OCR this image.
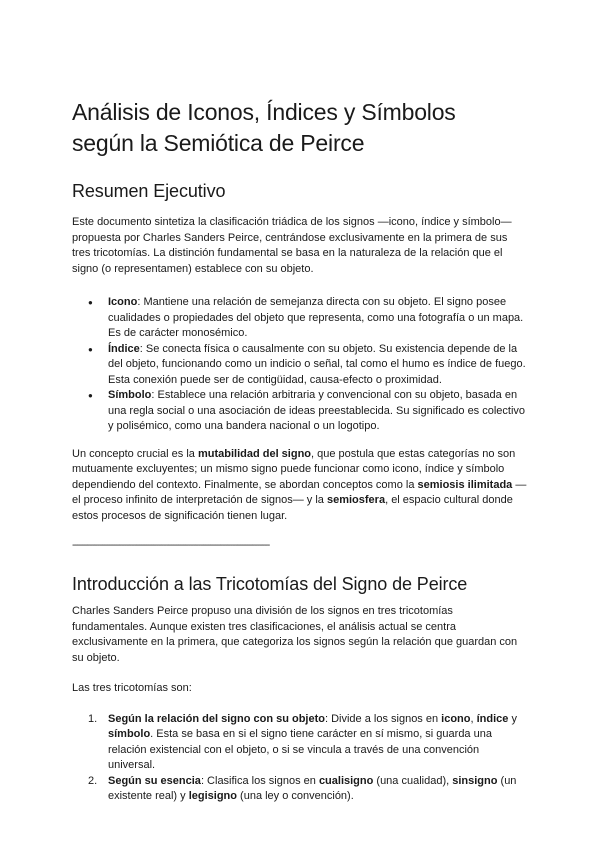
Análisis de Iconos, Índices y Símbolos
según la Semiótica de Peirce
Resumen Ejecutivo

Este documento sintetiza la clasificación triádica de los signos —icono, índice y símbolo— propuesta por Charles Sanders Peirce, centrándose exclusivamente en la primera de sus tres tricotomías. La distinción fundamental se basa en la naturaleza de la relación que el signo (o representamen) establece con su objeto.

● Icono: Mantiene una relación de semejanza directa con su objeto. El signo posee cualidades o propiedades del objeto que representa, como una fotografía o un mapa. Es de carácter monosémico.
● Índice: Se conecta física o causalmente con su objeto. Su existencia depende de la del objeto, funcionando como un indicio o señal, tal como el humo es índice de fuego. Esta conexión puede ser de contigüidad, causa-efecto o proximidad.
● Símbolo: Establece una relación arbitraria y convencional con su objeto, basada en una regla social o una asociación de ideas preestablecida. Su significado es colectivo y polisémico, como una bandera nacional o un logotipo.

Un concepto crucial es la mutabilidad del signo, que postula que estas categorías no son mutuamente excluyentes; un mismo signo puede funcionar como icono, índice y símbolo dependiendo del contexto. Finalmente, se abordan conceptos como la semiosis ilimitada —el proceso infinito de interpretación de signos— y la semiosfera, el espacio cultural donde estos procesos de significación tienen lugar.

--------------------------------------------------------------------------------
Introducción a las Tricotomías del Signo de Peirce

Charles Sanders Peirce propuso una división de los signos en tres tricotomías fundamentales. Aunque existen tres clasificaciones, el análisis actual se centra exclusivamente en la primera, que categoriza los signos según la relación que guardan con su objeto.

Las tres tricotomías son:

1. Según la relación del signo con su objeto: Divide a los signos en icono, índice y símbolo. Esta se basa en si el signo tiene carácter en sí mismo, si guarda una relación existencial con el objeto, o si se vincula a través de una convención universal.
2. Según su esencia: Clasifica los signos en cualisigno (una cualidad), sinsigno (un existente real) y legisigno (una ley o convención).
